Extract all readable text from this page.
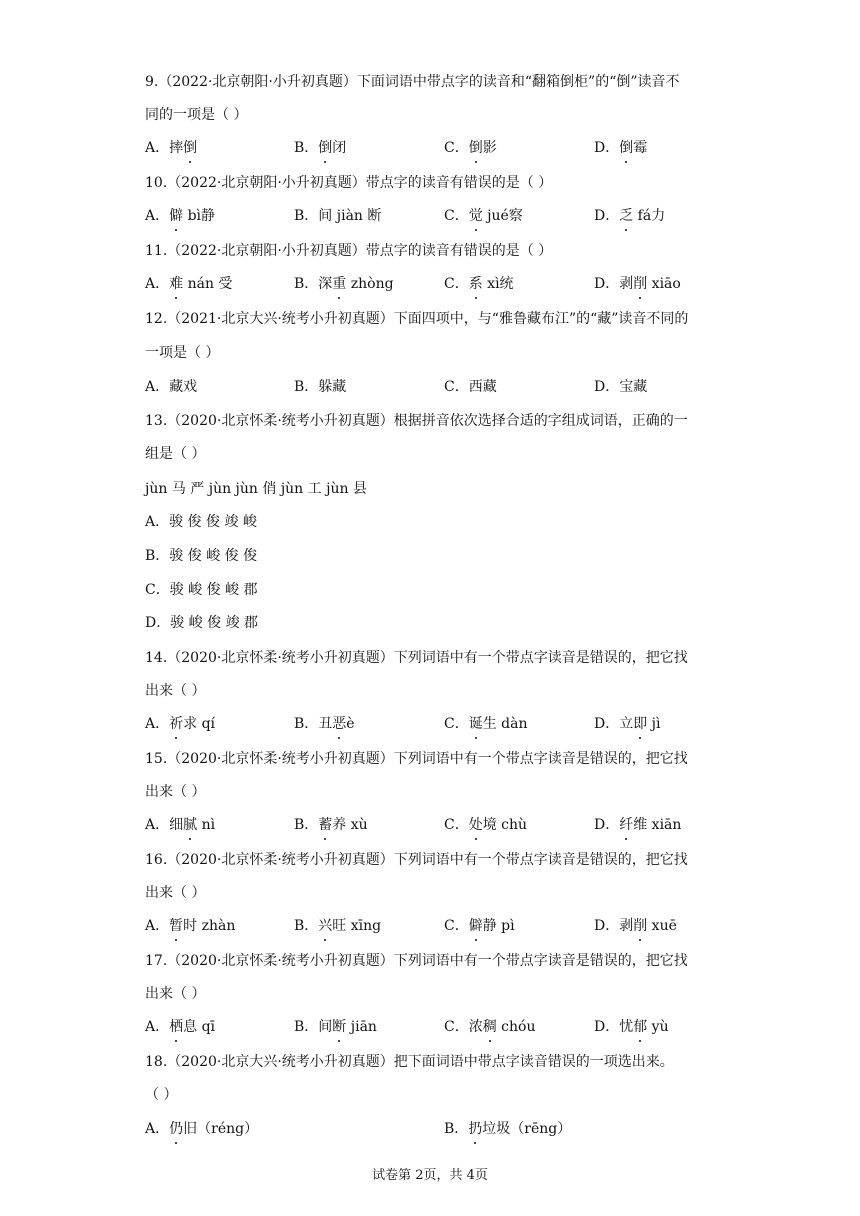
9.（2022·北京朝阳·小升初真题）下面词语中带点字的读音和“翻箱倒柜”的“倒”读音不
同的一项是（ ）
A．摔倒	B．倒闭	C．倒影	D．倒霉
10.（2022·北京朝阳·小升初真题）带点字的读音有错误的是（ ）
A．僻 bì静	B．间 jiàn 断	C．觉 jué察	D．乏 fá力
11.（2022·北京朝阳·小升初真题）带点字的读音有错误的是（ ）
A．难 nán 受	B．深重 zhòng	C．系 xì统	D．剥削 xiāo
12.（2021·北京大兴·统考小升初真题）下面四项中，与“雅鲁藏布江”的“藏”读音不同的
一项是（ ）
A．藏戏	B．躲藏	C．西藏	D．宝藏
13.（2020·北京怀柔·统考小升初真题）根据拼音依次选择合适的字组成词语，正确的一
组是（ ）
jùn 马 严 jùn jùn 俏 jùn 工 jùn 县
A．骏 俊 俊 竣 峻
B．骏 俊 峻 俊 俊
C．骏 峻 俊 峻 郡
D．骏 峻 俊 竣 郡
14.（2020·北京怀柔·统考小升初真题）下列词语中有一个带点字读音是错误的，把它找
出来（ ）
A．祈求 qí	B．丑恶è	C．诞生 dàn	D．立即 jì
15.（2020·北京怀柔·统考小升初真题）下列词语中有一个带点字读音是错误的，把它找
出来（ ）
A．细腻 nì	B．蓄养 xù	C．处境 chù	D．纤维 xiān
16.（2020·北京怀柔·统考小升初真题）下列词语中有一个带点字读音是错误的，把它找
出来（ ）
A．暂时 zhàn	B．兴旺 xīng	C．僻静 pì	D．剥削 xuē
17.（2020·北京怀柔·统考小升初真题）下列词语中有一个带点字读音是错误的，把它找
出来（ ）
A．栖息 qī	B．间断 jiān	C．浓稠 chóu	D．忧郁 yù
18.（2020·北京大兴·统考小升初真题）把下面词语中带点字读音错误的一项选出来。
（ ）
A．仍旧（réng）	B．扔垃圾（rēng）
试卷第 2页，共 4页
